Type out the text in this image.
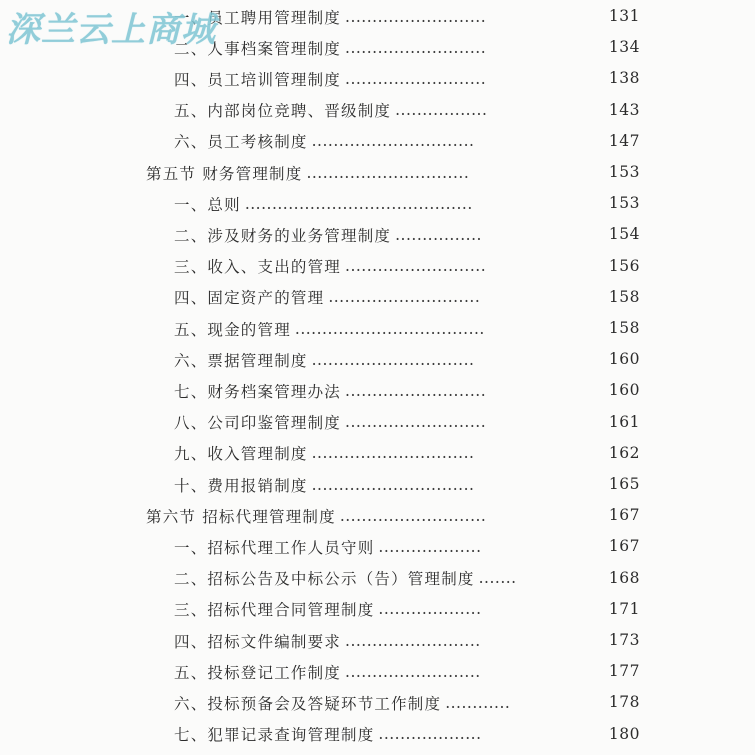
深兰云上商城
一、员工聘用管理制度 ..........................	131
二、人事档案管理制度 ..........................	134
四、员工培训管理制度 ..........................	138
五、内部岗位竞聘、晋级制度 .................	143
六、员工考核制度 ..............................	147
第五节 财务管理制度 ..............................	153
一、总则 ..........................................	153
二、涉及财务的业务管理制度 ................	154
三、收入、支出的管理 ..........................	156
四、固定资产的管理 ............................	158
五、现金的管理 ...................................	158
六、票据管理制度 ..............................	160
七、财务档案管理办法 ..........................	160
八、公司印鉴管理制度 ..........................	161
九、收入管理制度 ..............................	162
十、费用报销制度 ..............................	165
第六节 招标代理管理制度 ...........................	167
一、招标代理工作人员守则 ...................	167
二、招标公告及中标公示（告）管理制度 .......	168
三、招标代理合同管理制度 ...................	171
四、招标文件编制要求 .........................	173
五、投标登记工作制度 .........................	177
六、投标预备会及答疑环节工作制度 ............	178
七、犯罪记录查询管理制度 ...................	180
